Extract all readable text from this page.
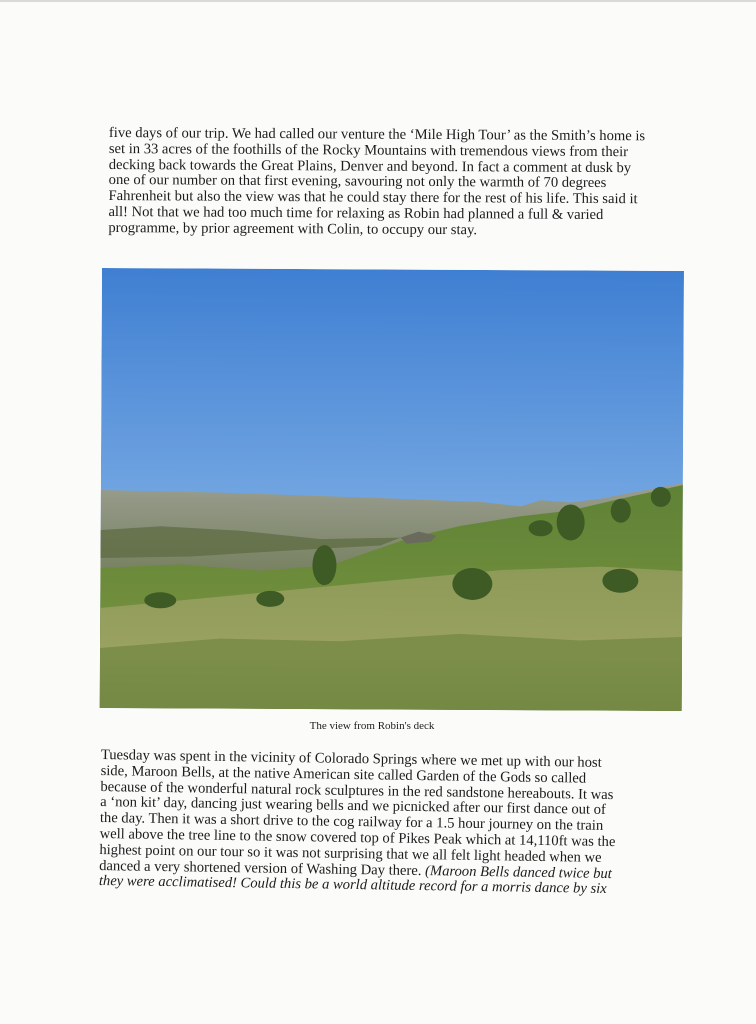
five days of our trip. We had called our venture the ‘Mile High Tour’ as the Smith’s home is set in 33 acres of the foothills of the Rocky Mountains with tremendous views from their decking back towards the Great Plains, Denver and beyond. In fact a comment at dusk by one of our number on that first evening, savouring not only the warmth of 70 degrees Fahrenheit but also the view was that he could stay there for the rest of his life. This said it all! Not that we had too much time for relaxing as Robin had planned a full & varied programme, by prior agreement with Colin, to occupy our stay.

The view from Robin's deck

Tuesday was spent in the vicinity of Colorado Springs where we met up with our host side, Maroon Bells, at the native American site called Garden of the Gods so called because of the wonderful natural rock sculptures in the red sandstone hereabouts. It was a ‘non kit’ day, dancing just wearing bells and we picnicked after our first dance out of the day. Then it was a short drive to the cog railway for a 1.5 hour journey on the train well above the tree line to the snow covered top of Pikes Peak which at 14,110ft was the highest point on our tour so it was not surprising that we all felt light headed when we danced a very shortened version of Washing Day there. (Maroon Bells danced twice but they were acclimatised! Could this be a world altitude record for a morris dance by six
